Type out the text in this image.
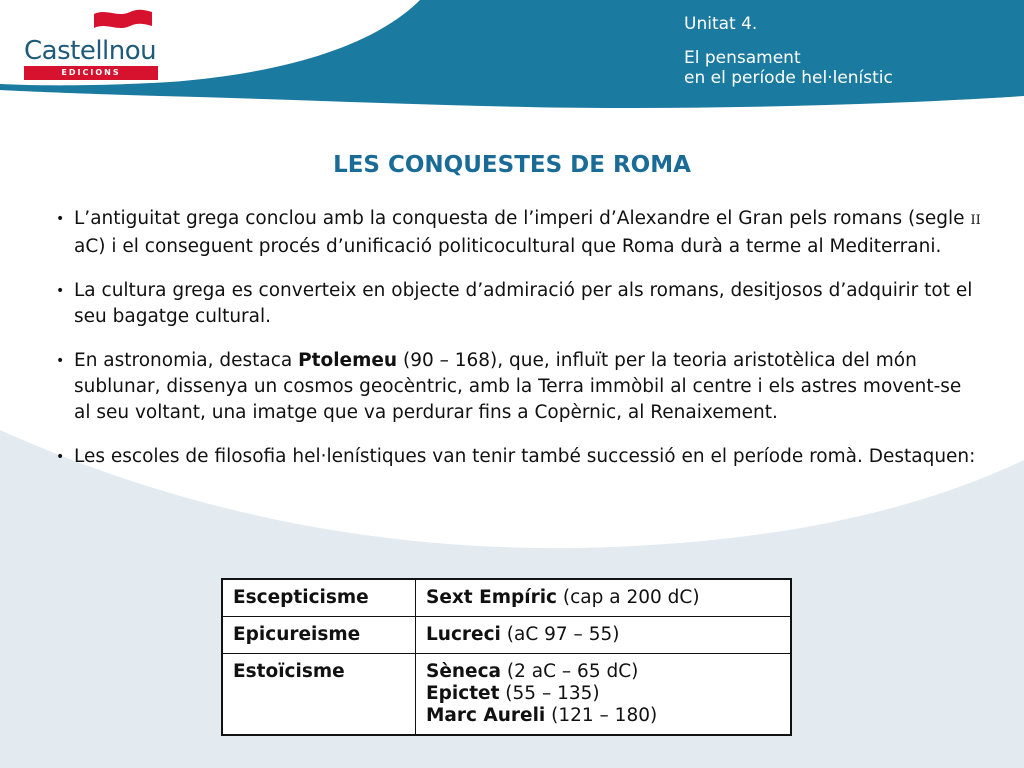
Castellnou
EDICIONS
Unitat 4.
El pensament
en el període hel·lenístic
LES CONQUESTES DE ROMA
• L’antiguitat grega conclou amb la conquesta de l’imperi d’Alexandre el Gran pels romans (segle II aC) i el conseguent procés d’unificació politicocultural que Roma durà a terme al Mediterrani.
• La cultura grega es converteix en objecte d’admiració per als romans, desitjosos d’adquirir tot el seu bagatge cultural.
• En astronomia, destaca Ptolemeu (90 – 168), que, influït per la teoria aristotèlica del món sublunar, dissenya un cosmos geocèntric, amb la Terra immòbil al centre i els astres movent-se al seu voltant, una imatge que va perdurar fins a Copèrnic, al Renaixement.
• Les escoles de filosofia hel·lenístiques van tenir també successió en el període romà. Destaquen:
Escepticisme	Sext Empíric (cap a 200 dC)
Epicureisme	Lucreci (aC 97 – 55)
Estoïcisme	Sèneca (2 aC – 65 dC)
Epictet (55 – 135)
Marc Aureli (121 – 180)
